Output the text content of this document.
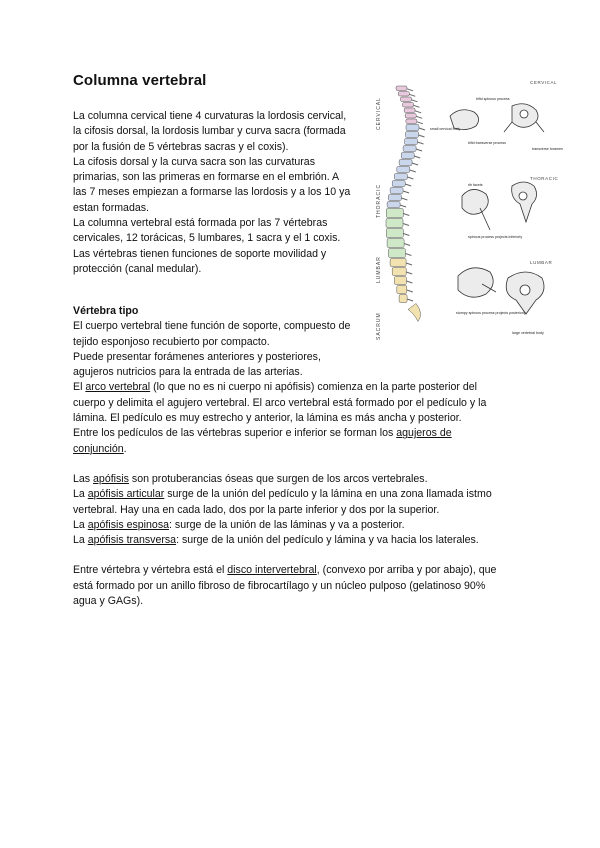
Columna vertebral
La columna cervical tiene 4 curvaturas la lordosis cervical,
la cifosis dorsal, la lordosis lumbar y curva sacra (formada
por la fusión de 5 vértebras sacras y el coxis).
La cifosis dorsal y la curva sacra son las curvaturas
primarias, son las primeras en formarse en el embrión. A
las 7 meses empiezan a formarse las lordosis y a los 10 ya
estan formadas.
La columna vertebral está formada por las 7 vértebras
cervicales, 12 torácicas, 5 lumbares, 1 sacra y el 1 coxis.
Las vértebras tienen funciones de soporte movilidad y
protección (canal medular).
Vértebra tipo
El cuerpo vertebral tiene función de soporte, compuesto de
tejido esponjoso recubierto por compacto.
Puede presentar forámenes anteriores y posteriores,
agujeros nutricios para la entrada de las arterias.
El arco vertebral (lo que no es ni cuerpo ni apófisis) comienza en la parte posterior del
cuerpo y delimita el agujero vertebral. El arco vertebral está formado por el pedículo y la
lámina. El pedículo es muy estrecho y anterior, la lámina es más ancha y posterior.
Entre los pedículos de las vértebras superior e inferior se forman los agujeros de
conjunción.
Las apófisis son protuberancias óseas que surgen de los arcos vertebrales.
La apófisis articular surge de la unión del pedículo y la lámina en una zona llamada istmo
vertebral. Hay una en cada lado, dos por la parte inferior y dos por la superior.
La apófisis espinosa: surge de la unión de las láminas y va a posterior.
La apófisis transversa: surge de la unión del pedículo y lámina y va hacia los laterales.
Entre vértebra y vértebra está el disco intervertebral, (convexo por arriba y por abajo), que
está formado por un anillo fibroso de fibrocartílago y un núcleo pulposo (gelatinoso 90%
agua y GAGs).
CERVICAL
THORACIC
LUMBAR
SACRUM
CERVICAL
THORACIC
LUMBAR
small cervical body
bifid spinous process
bifid transverse process
transverse foramen
rib facets
spinous process projects inferiorly
stumpy spinous process projects posteriorly
large vertebral body
